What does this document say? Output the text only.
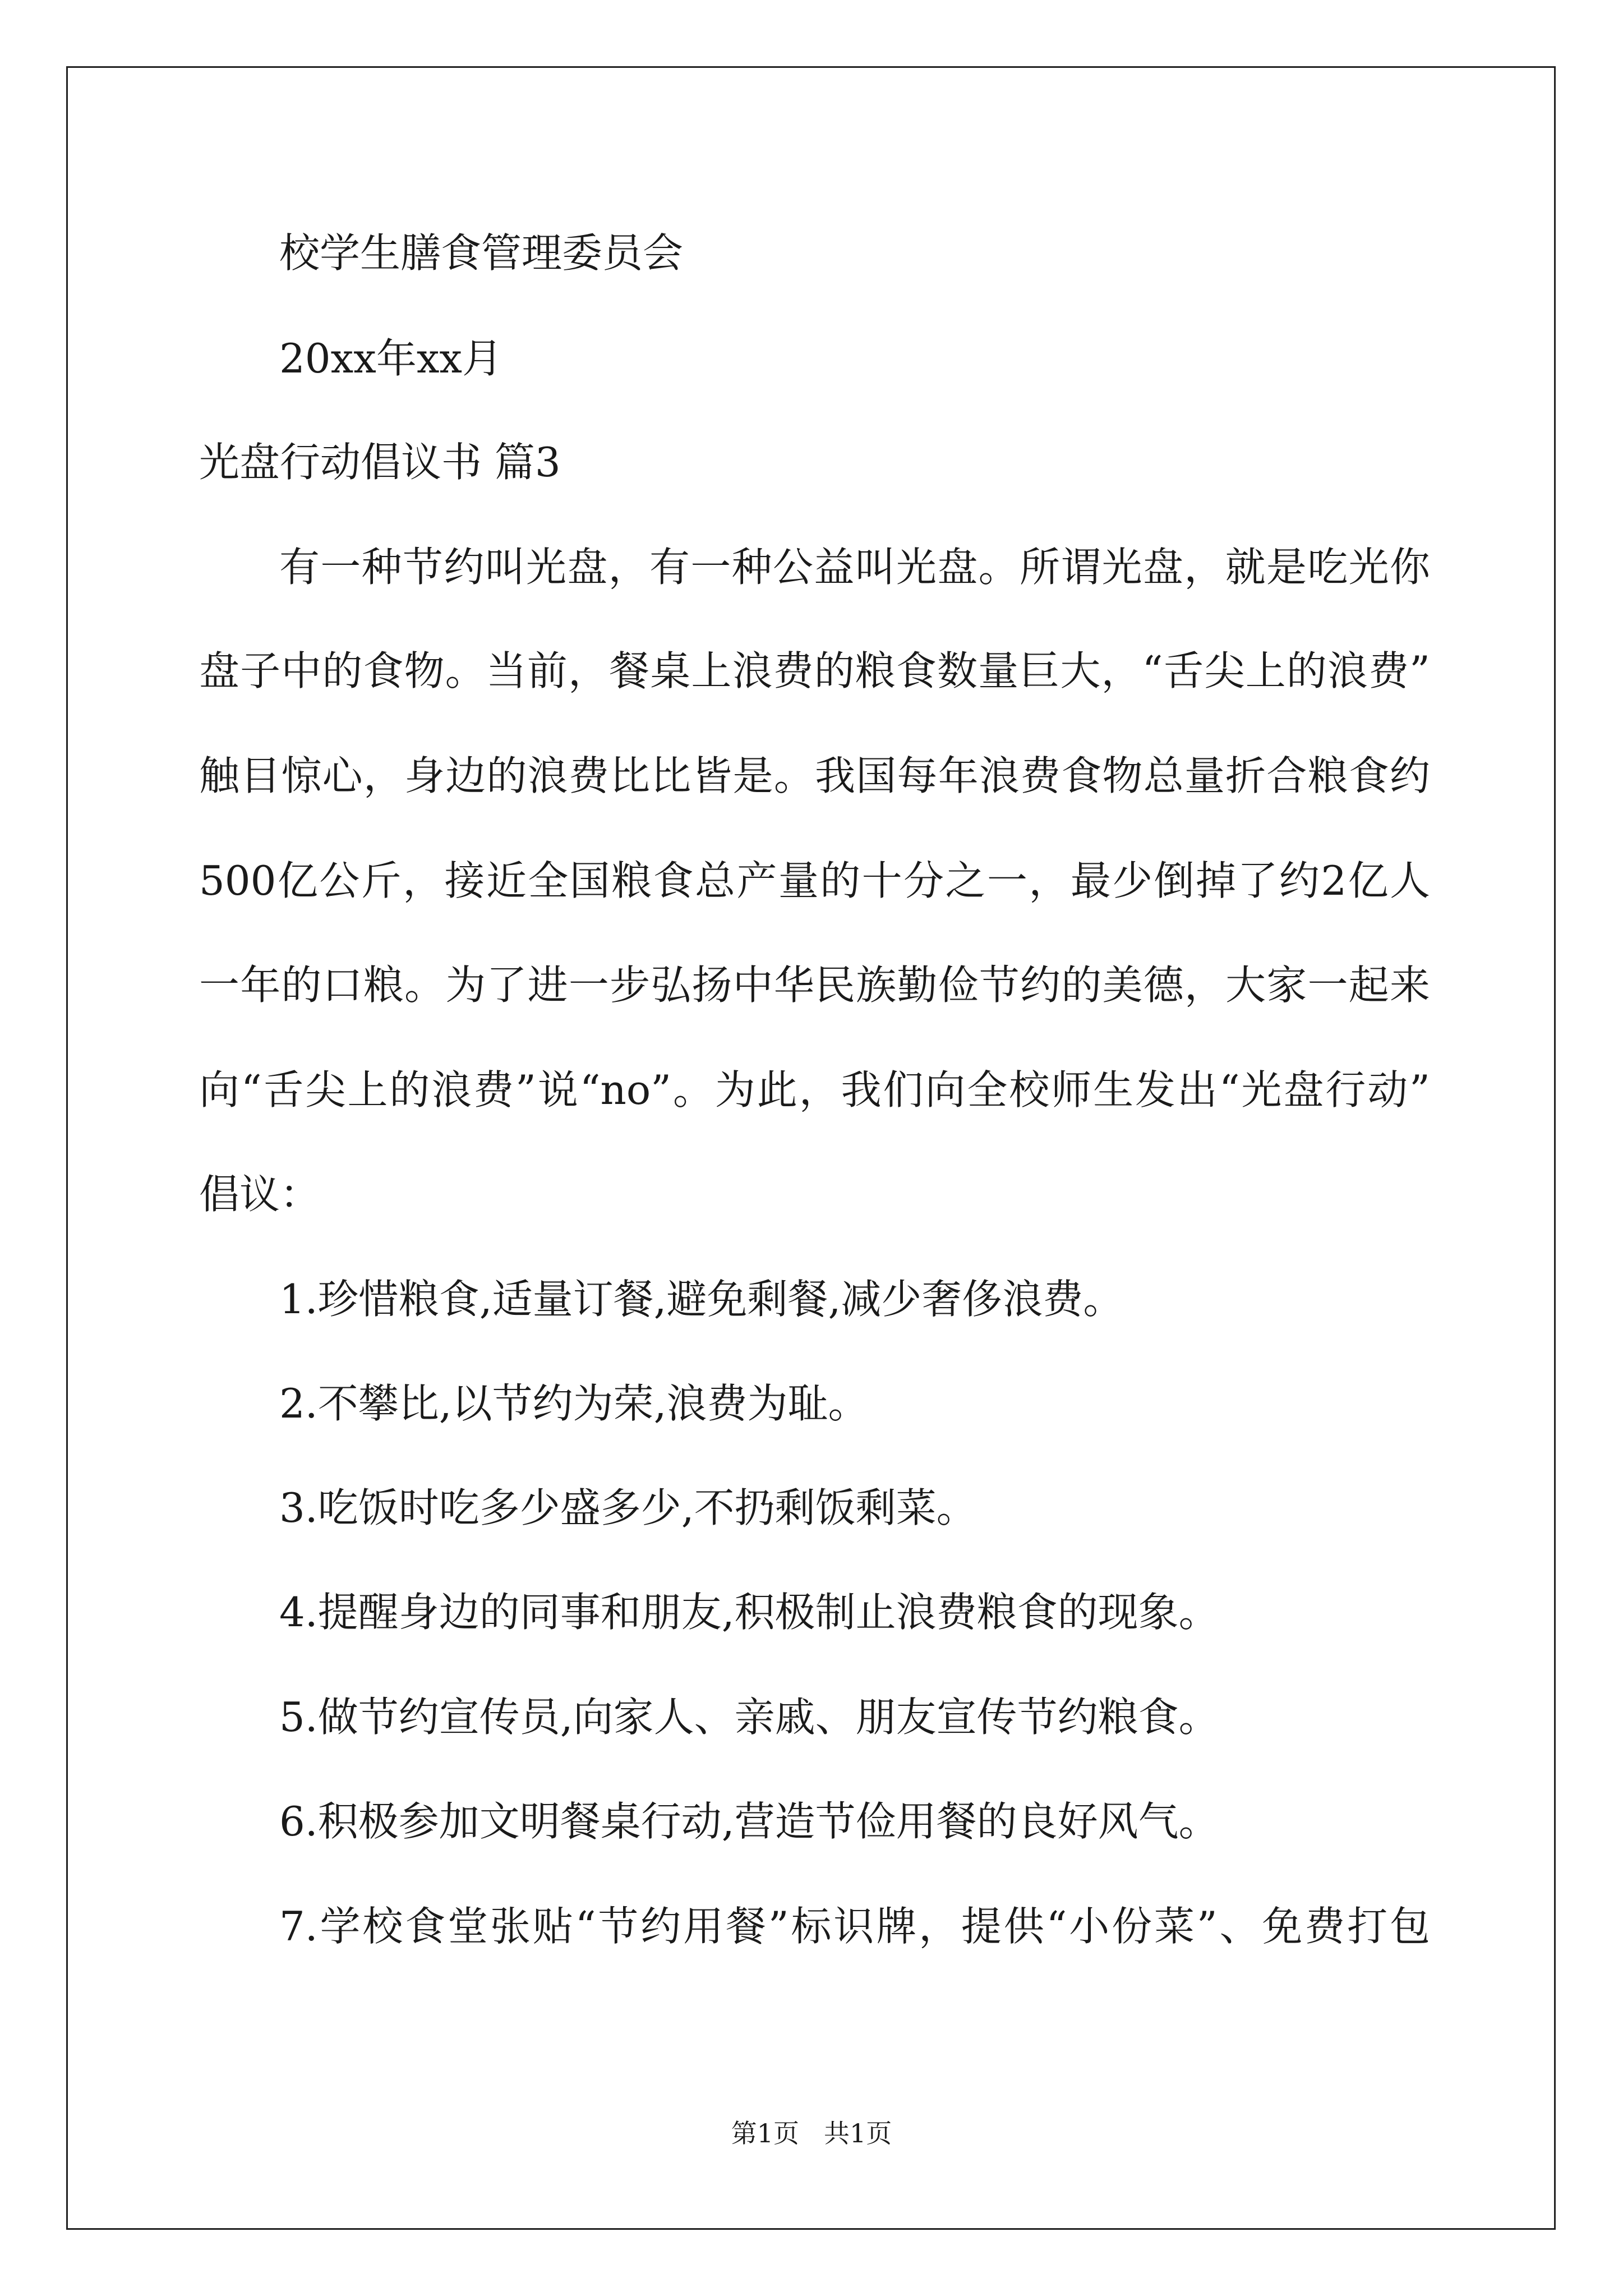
校学生膳食管理委员会
20xx年xx月
光盘行动倡议书 篇3
有一种节约叫光盘，有一种公益叫光盘。所谓光盘，就是吃光你
盘子中的食物。当前，餐桌上浪费的粮食数量巨大，“舌尖上的浪费”
触目惊心，身边的浪费比比皆是。我国每年浪费食物总量折合粮食约
500亿公斤，接近全国粮食总产量的十分之一，最少倒掉了约2亿人
一年的口粮。为了进一步弘扬中华民族勤俭节约的美德，大家一起来
向“舌尖上的浪费”说“no”。为此，我们向全校师生发出“光盘行动”
倡议：
1.珍惜粮食,适量订餐,避免剩餐,减少奢侈浪费。
2.不攀比,以节约为荣,浪费为耻。
3.吃饭时吃多少盛多少,不扔剩饭剩菜。
4.提醒身边的同事和朋友,积极制止浪费粮食的现象。
5.做节约宣传员,向家人、亲戚、朋友宣传节约粮食。
6.积极参加文明餐桌行动,营造节俭用餐的良好风气。
7.学校食堂张贴“节约用餐”标识牌，提供“小份菜”、免费打包
第1页 共1页
